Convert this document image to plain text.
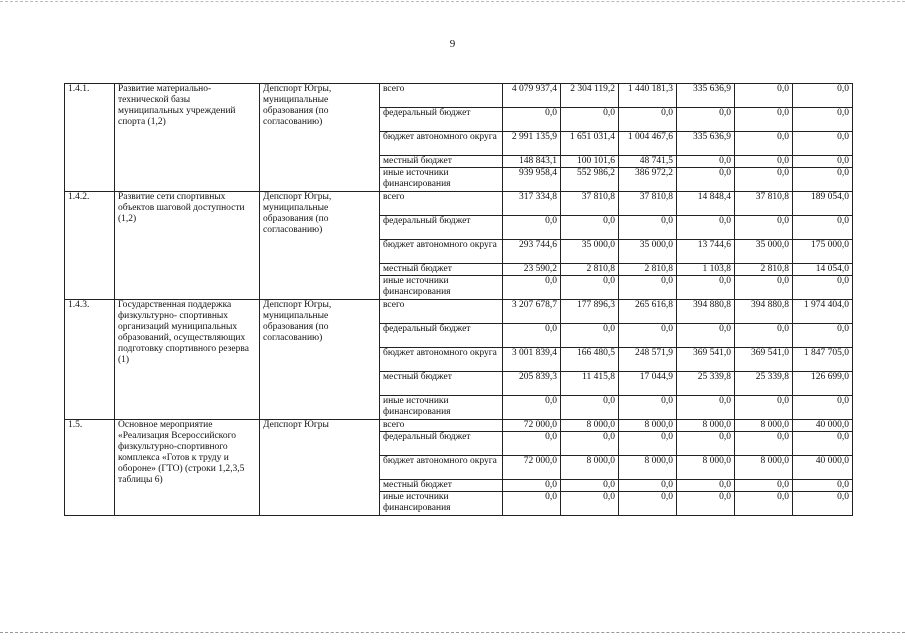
9
1.4.1.	Развитие материально-технической базы муниципальных учреждений спорта (1,2)	Депспорт Югры, муниципальные образования (по согласованию)	всего	4 079 937,4	2 304 119,2	1 440 181,3	335 636,9	0,0	0,0
			федеральный бюджет	0,0	0,0	0,0	0,0	0,0	0,0
			бюджет автономного округа	2 991 135,9	1 651 031,4	1 004 467,6	335 636,9	0,0	0,0
			местный бюджет	148 843,1	100 101,6	48 741,5	0,0	0,0	0,0
			иные источники финансирования	939 958,4	552 986,2	386 972,2	0,0	0,0	0,0
1.4.2.	Развитие сети спортивных объектов шаговой доступности (1,2)	Депспорт Югры, муниципальные образования (по согласованию)	всего	317 334,8	37 810,8	37 810,8	14 848,4	37 810,8	189 054,0
			федеральный бюджет	0,0	0,0	0,0	0,0	0,0	0,0
			бюджет автономного округа	293 744,6	35 000,0	35 000,0	13 744,6	35 000,0	175 000,0
			местный бюджет	23 590,2	2 810,8	2 810,8	1 103,8	2 810,8	14 054,0
			иные источники финансирования	0,0	0,0	0,0	0,0	0,0	0,0
1.4.3.	Государственная поддержка физкультурно- спортивных организаций муниципальных образований, осуществляющих подготовку спортивного резерва (1)	Депспорт Югры, муниципальные образования (по согласованию)	всего	3 207 678,7	177 896,3	265 616,8	394 880,8	394 880,8	1 974 404,0
			федеральный бюджет	0,0	0,0	0,0	0,0	0,0	0,0
			бюджет автономного округа	3 001 839,4	166 480,5	248 571,9	369 541,0	369 541,0	1 847 705,0
			местный бюджет	205 839,3	11 415,8	17 044,9	25 339,8	25 339,8	126 699,0
			иные источники финансирования	0,0	0,0	0,0	0,0	0,0	0,0
1.5.	Основное мероприятие «Реализация Всероссийского физкультурно-спортивного комплекса «Готов к труду и обороне» (ГТО) (строки 1,2,3,5 таблицы 6)	Депспорт Югры	всего	72 000,0	8 000,0	8 000,0	8 000,0	8 000,0	40 000,0
			федеральный бюджет	0,0	0,0	0,0	0,0	0,0	0,0
			бюджет автономного округа	72 000,0	8 000,0	8 000,0	8 000,0	8 000,0	40 000,0
			местный бюджет	0,0	0,0	0,0	0,0	0,0	0,0
			иные источники финансирования	0,0	0,0	0,0	0,0	0,0	0,0
